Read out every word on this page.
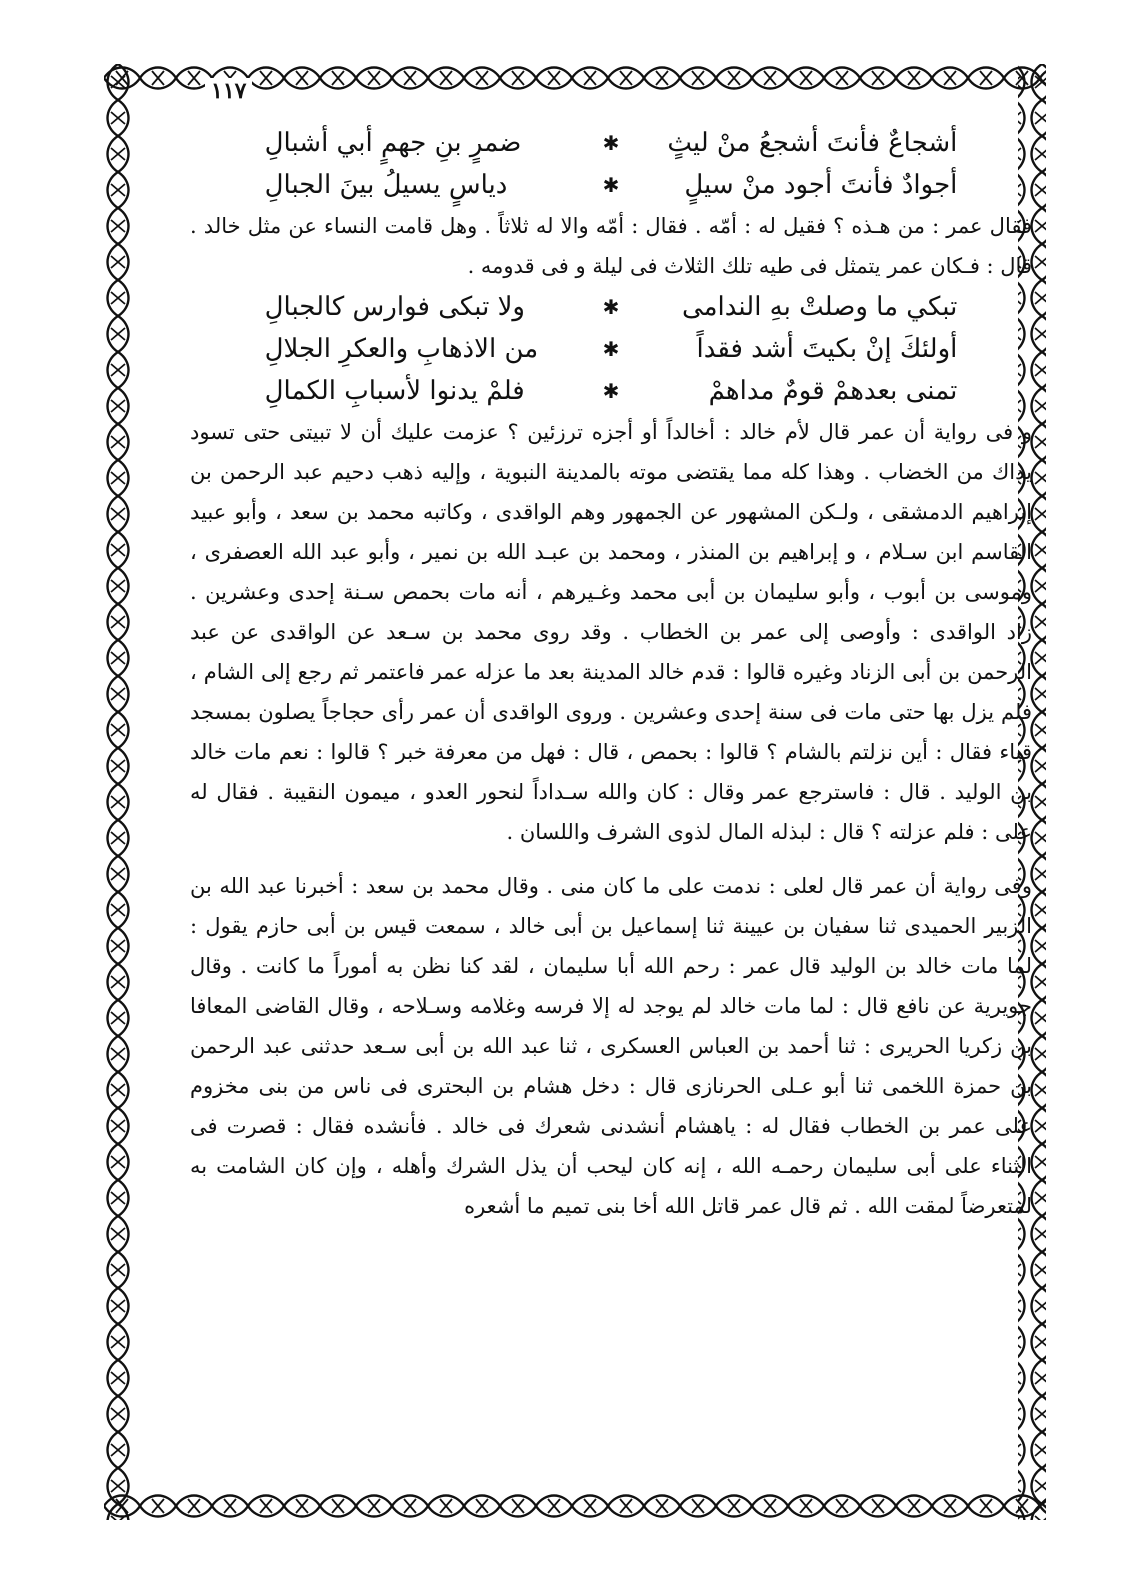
١١٧
أشجاعٌ فأنتَ أشجعُ منْ ليثٍ
✱
ضمرٍ بنِ جهمٍ أبي أشبالِ
أجوادٌ فأنتَ أجود منْ سيلٍ
✱
دياسٍ يسيلُ بينَ الجبالِ

فقال عمر : من هـذه ؟ فقيل له : أمّه . فقال : أمّه والا له ثلاثاً . وهل قامت النساء عن مثل خالد . قال : فـكان عمر يتمثل فى طيه تلك الثلاث فى ليلة و فى قدومه .

تبكي ما وصلتْ بهِ الندامى
✱
ولا تبكى فوارس كالجبالِ
أولئكَ إنْ بكيتَ أشد فقداً
✱
من الاذهابِ والعكرِ الجلالِ
تمنى بعدهمْ قومٌ مداهمْ
✱
فلمْ يدنوا لأسبابِ الكمالِ

و فى رواية أن عمر قال لأم خالد : أخالداً أو أجزه ترزئين ؟ عزمت عليك أن لا تبيتى حتى تسود يداك من الخضاب . وهذا كله مما يقتضى موته بالمدينة النبوية ، وإليه ذهب دحيم عبد الرحمن بن إبراهيم الدمشقى ، ولـكن المشهور عن الجمهور وهم الواقدى ، وكاتبه محمد بن سعد ، وأبو عبيد القاسم ابن سـلام ، و إبراهيم بن المنذر ، ومحمد بن عبـد الله بن نمير ، وأبو عبد الله العصفرى ، وموسى بن أبوب ، وأبو سليمان بن أبى محمد وغـيرهم ، أنه مات بحمص سـنة إحدى وعشرين . زاد الواقدى : وأوصى إلى عمر بن الخطاب . وقد روى محمد بن سـعد عن الواقدى عن عبد الرحمن بن أبى الزناد وغيره قالوا : قدم خالد المدينة بعد ما عزله عمر فاعتمر ثم رجع إلى الشام ، فلم يزل بها حتى مات فى سنة إحدى وعشرين . وروى الواقدى أن عمر رأى حجاجاً يصلون بمسجد قباء فقال : أين نزلتم بالشام ؟ قالوا : بحمص ، قال : فهل من معرفة خبر ؟ قالوا : نعم مات خالد بن الوليد . قال : فاسترجع عمر وقال : كان والله سـداداً لنحور العدو ، ميمون النقيبة . فقال له على : فلم عزلته ؟ قال : لبذله المال لذوى الشرف واللسان .

وفى رواية أن عمر قال لعلى : ندمت على ما كان منى . وقال محمد بن سعد : أخبرنا عبد الله بن الزبير الحميدى ثنا سفيان بن عيينة ثنا إسماعيل بن أبى خالد ، سمعت قيس بن أبى حازم يقول : لما مات خالد بن الوليد قال عمر : رحم الله أبا سليمان ، لقد كنا نظن به أموراً ما كانت . وقال جويرية عن نافع قال : لما مات خالد لم يوجد له إلا فرسه وغلامه وسـلاحه ، وقال القاضى المعافا بن زكريا الحريرى : ثنا أحمد بن العباس العسكرى ، ثنا عبد الله بن أبى سـعد حدثنى عبد الرحمن بن حمزة اللخمى ثنا أبو عـلى الحرنازى قال : دخل هشام بن البحترى فى ناس من بنى مخزوم على عمر بن الخطاب فقال له : ياهشام أنشدنى شعرك فى خالد . فأنشده فقال : قصرت فى الثناء على أبى سليمان رحمـه الله ، إنه كان ليحب أن يذل الشرك وأهله ، وإن كان الشامت به لمتعرضاً لمقت الله . ثم قال عمر قاتل الله أخا بنى تميم ما أشعره
